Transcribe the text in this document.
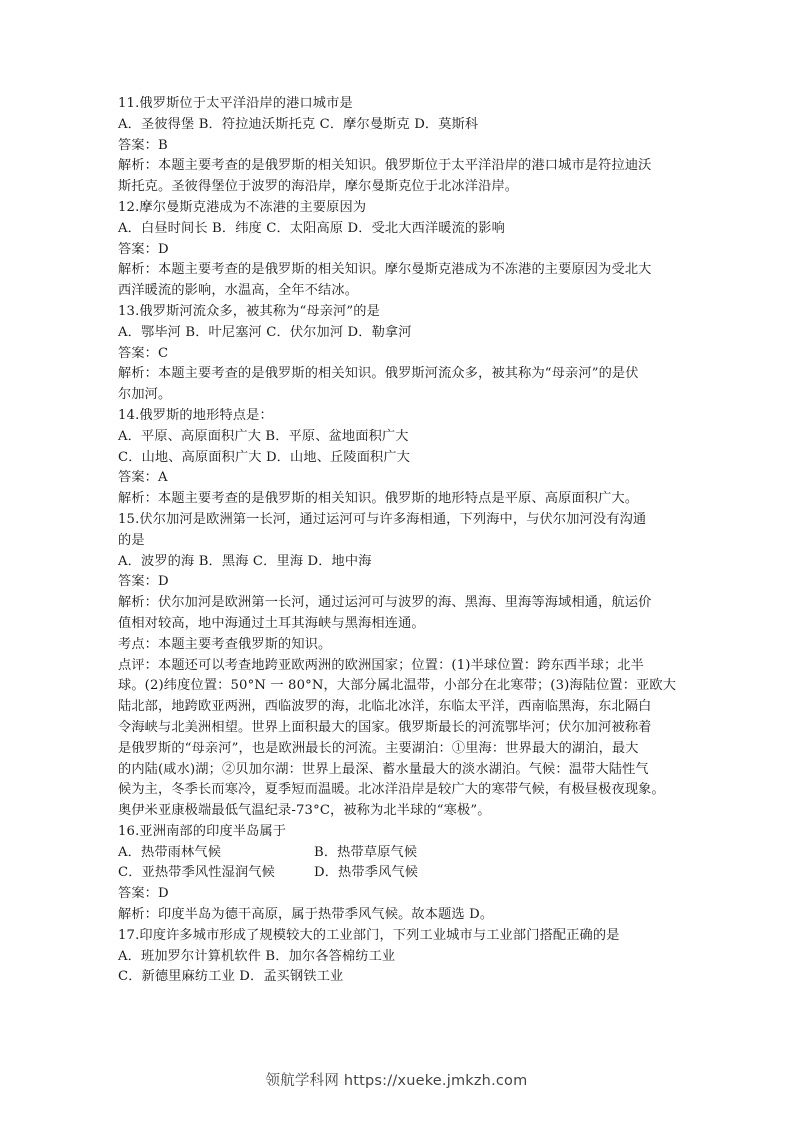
11.俄罗斯位于太平洋沿岸的港口城市是
A．圣彼得堡 B．符拉迪沃斯托克 C．摩尔曼斯克 D．莫斯科
答案：B
解析：本题主要考查的是俄罗斯的相关知识。俄罗斯位于太平洋沿岸的港口城市是符拉迪沃
斯托克。圣彼得堡位于波罗的海沿岸，摩尔曼斯克位于北冰洋沿岸。
12.摩尔曼斯克港成为不冻港的主要原因为
A．白昼时间长 B．纬度 C．太阳高原 D．受北大西洋暖流的影响
答案：D
解析：本题主要考查的是俄罗斯的相关知识。摩尔曼斯克港成为不冻港的主要原因为受北大
西洋暖流的影响，水温高，全年不结冰。
13.俄罗斯河流众多，被其称为“母亲河”的是
A．鄂毕河 B．叶尼塞河 C．伏尔加河 D．勒拿河
答案：C
解析：本题主要考查的是俄罗斯的相关知识。俄罗斯河流众多，被其称为“母亲河”的是伏
尔加河。
14.俄罗斯的地形特点是：
A．平原、高原面积广大 B．平原、盆地面积广大
C．山地、高原面积广大 D．山地、丘陵面积广大
答案：A
解析：本题主要考查的是俄罗斯的相关知识。俄罗斯的地形特点是平原、高原面积广大。
15.伏尔加河是欧洲第一长河，通过运河可与许多海相通，下列海中，与伏尔加河没有沟通
的是
A．波罗的海 B．黑海 C．里海 D．地中海
答案：D
解析：伏尔加河是欧洲第一长河，通过运河可与波罗的海、黑海、里海等海域相通，航运价
值相对较高，地中海通过土耳其海峡与黑海相连通。
考点：本题主要考查俄罗斯的知识。
点评：本题还可以考查地跨亚欧两洲的欧洲国家；位置：(1)半球位置：跨东西半球；北半
球。(2)纬度位置：50°N 一 80°N，大部分属北温带，小部分在北寒带；(3)海陆位置：亚欧大
陆北部，地跨欧亚两洲，西临波罗的海，北临北冰洋，东临太平洋，西南临黑海，东北隔白
令海峡与北美洲相望。世界上面积最大的国家。俄罗斯最长的河流鄂毕河；伏尔加河被称着
是俄罗斯的“母亲河”，也是欧洲最长的河流。主要湖泊：①里海：世界最大的湖泊，最大
的内陆(咸水)湖；②贝加尔湖：世界上最深、蓄水量最大的淡水湖泊。气候：温带大陆性气
候为主，冬季长而寒冷，夏季短而温暖。北冰洋沿岸是较广大的寒带气候，有极昼极夜现象。
奥伊米亚康极端最低气温纪录-73°C，被称为北半球的“寒极”。
16.亚洲南部的印度半岛属于
A．热带雨林气候	B．热带草原气候
C．亚热带季风性湿润气候	D．热带季风气候
答案：D
解析：印度半岛为德干高原，属于热带季风气候。故本题选 D。
17.印度许多城市形成了规模较大的工业部门，下列工业城市与工业部门搭配正确的是
A．班加罗尔计算机软件 B．加尔各答棉纺工业
C．新德里麻纺工业 D．孟买钢铁工业
领航学科网 https://xueke.jmkzh.com
